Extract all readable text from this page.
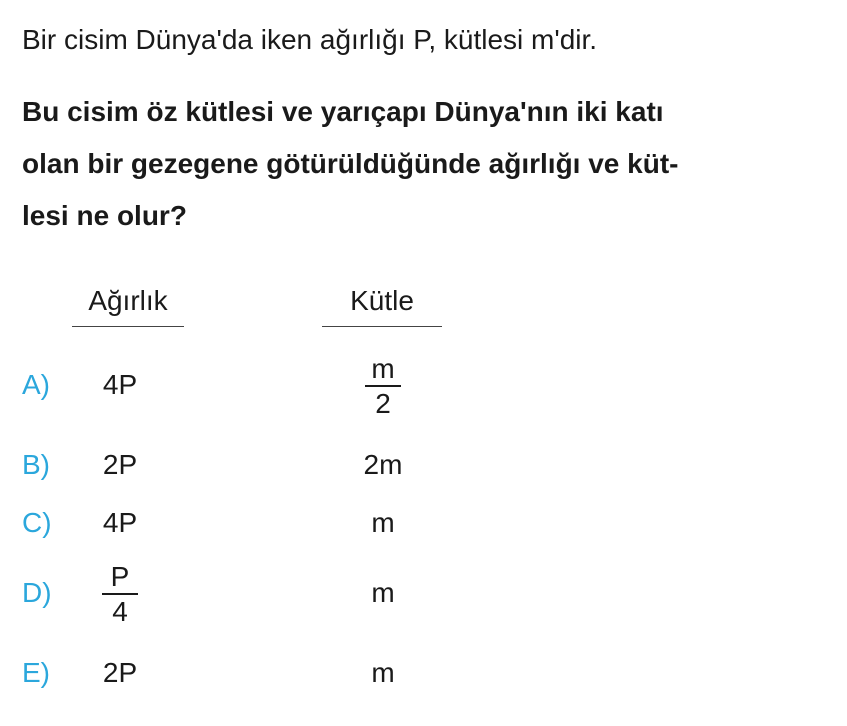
Bir cisim Dünya'da iken ağırlığı P, kütlesi m'dir.
Bu cisim öz kütlesi ve yarıçapı Dünya'nın iki katı
olan bir gezegene götürüldüğünde ağırlığı ve küt-
lesi ne olur?
Ağırlık	Kütle
A) 4P	$\frac{m}{2}$
B) 2P	2m
C) 4P	m
$D) \frac{P}{4}$	m
E) 2P	m
